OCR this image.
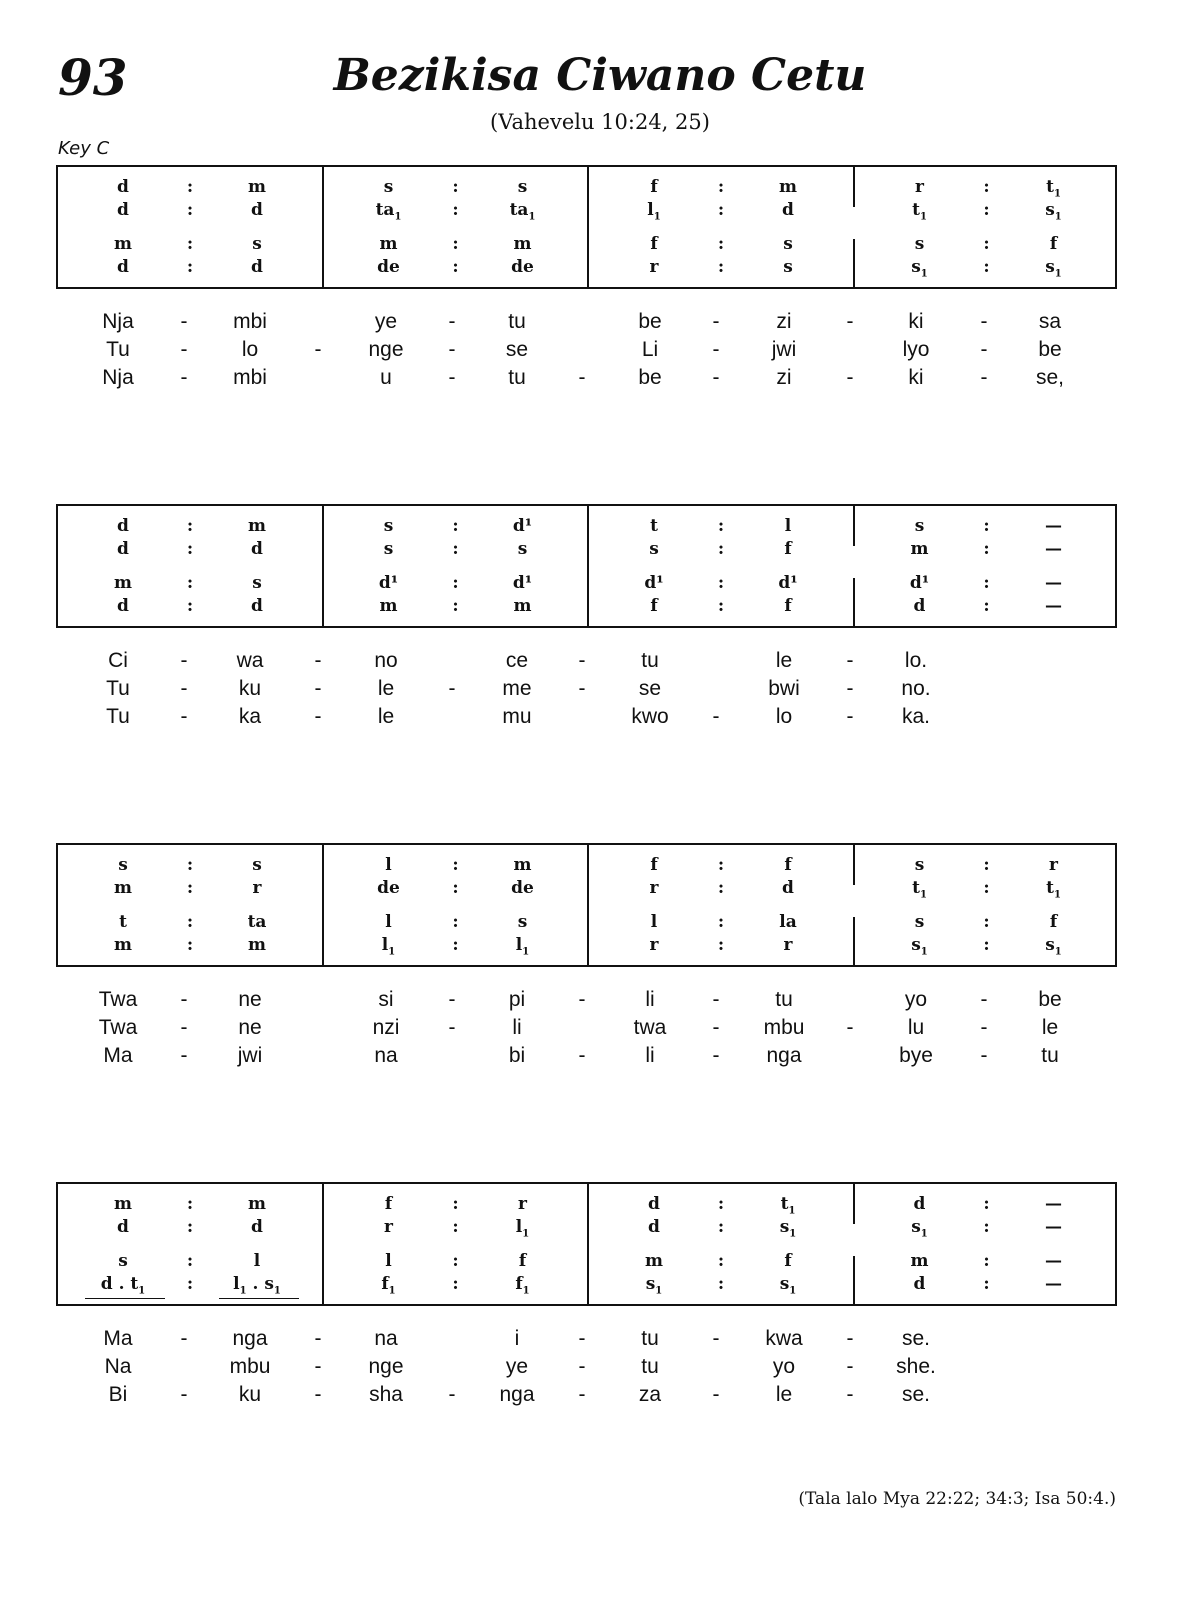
93	Bezikisa Ciwano Cetu
(Vahevelu 10:24, 25)
Key C
d	:	m	s	:	s	f	:	m	r	:	$t_1$
d	:	d	$ta_1$	:	$ta_1$	$l_1$	:	d	$t_1$	:	$s_1$
m	:	s	m	:	m	f	:	s	s	:	f
d	:	d	de	:	de	r	:	s	$s_1$	:	$s_1$
Nja - mbi	ye -	tu	be -	zi	-	ki	- sa
Tu -	lo	- nge - se	Li	- jwi	lyo - be
Nja - mbi	u	-	tu	-	be -	zi	-	ki	- se,
d	:	m	s	:	d¹	t	:	l	s	:	—
d	:	d	s	:	s	s	:	f	m	:	—
m	:	s	d¹	:	d¹	d¹	:	d¹	d¹	:	—
d	:	d	m	:	m	f	:	f	d	:	—
Ci	- wa -	no	ce -	tu	le	- lo.
Tu - ku	-	le	- me -	se	bwi - no.
Tu - ka	-	le	mu	kwo -	lo	- ka.
s	:	s	l	:	m	f	:	f	s	:	r
m	:	r	de	:	de	r	:	d	$t_1$	:	$t_1$
t	:	ta	l	:	s	l	:	la	s	:	f
m	:	m	$l_1$	:	$l_1$	r	:	r	$s_1$	:	$s_1$
Twa - ne	si	-	pi	-	li	-	tu	yo	- be
Twa - ne	nzi -	li	twa - mbu -	lu	-	le
Ma - jwi	na	bi	-	li	- nga	bye -	tu
m	:	m	f	:	r	d	:	$t_1$	d	:	—
d	:	d	r	:	$l_1$	d	:	$s_1$	$s_1$	:	—
s	:	l	l	:	f	m	:	f	m	:	—
d . $t_1$ : $l_1$ . $s_1$	$f_1$	:	$f_1$	$s_1$	:	$s_1$	d	:	—
Ma - nga -	na	i	-	tu	- kwa - se.
Na	mbu - nge	ye -	tu	yo - she.
Bi	- ku	- sha - nga -	za -	le	- se.
(Tala lalo Mya 22:22; 34:3; Isa 50:4.)
